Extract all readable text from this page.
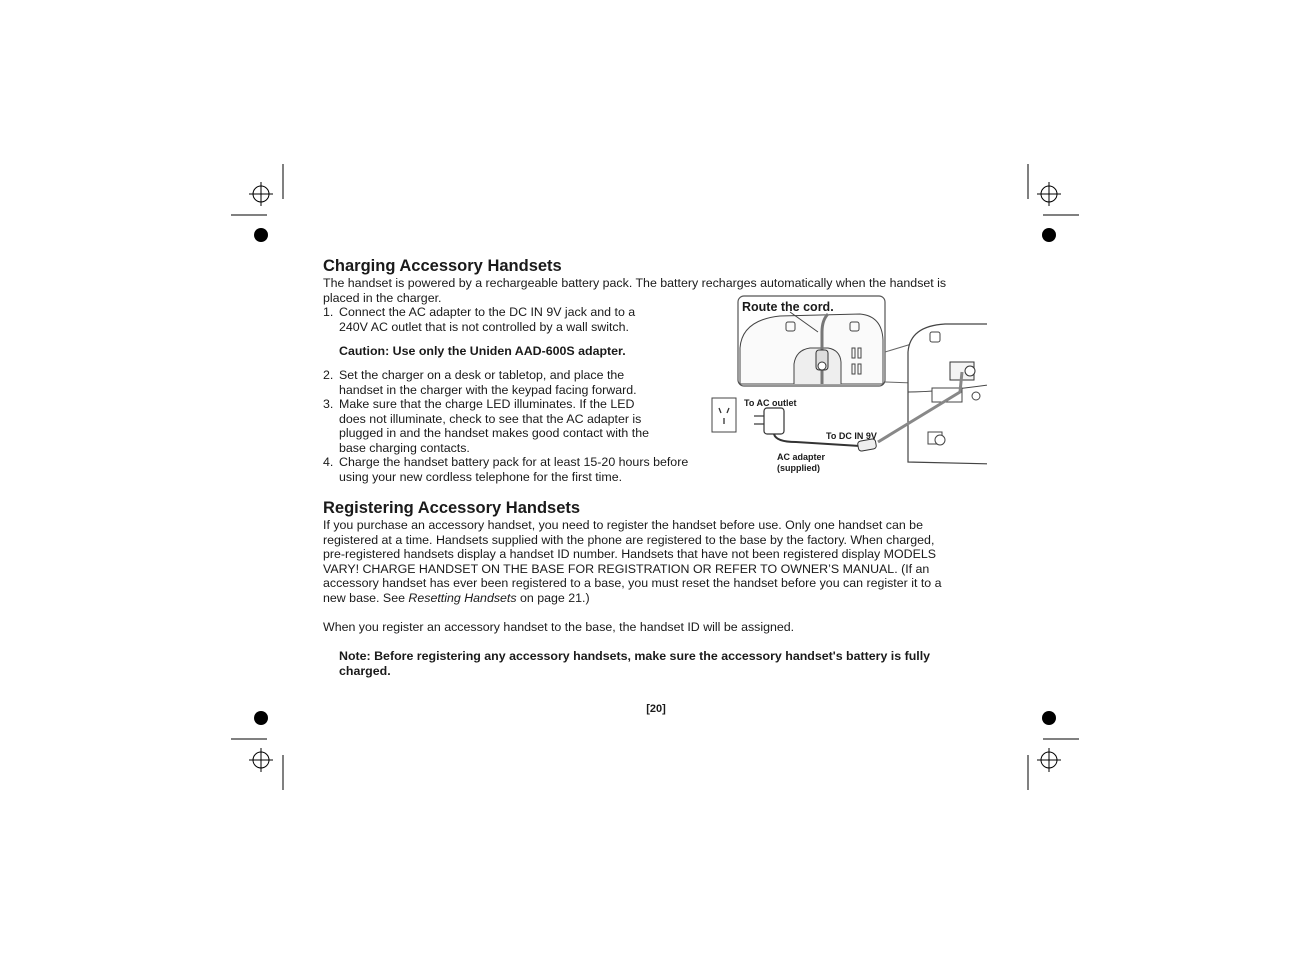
Charging Accessory Handsets

The handset is powered by a rechargeable battery pack. The battery recharges automatically when the handset is

placed in the charger.

1. Connect the AC adapter to the DC IN 9V jack and to a
240V AC outlet that is not controlled by a wall switch.

Caution: Use only the Uniden AAD-600S adapter.

2. Set the charger on a desk or tabletop, and place the
handset in the charger with the keypad facing forward.
3. Make sure that the charge LED illuminates. If the LED
does not illuminate, check to see that the AC adapter is
plugged in and the handset makes good contact with the
base charging contacts.
4. Charge the handset battery pack for at least 15-20 hours before
using your new cordless telephone for the first time.
Route the cord.
To AC outlet
To DC IN 9V
AC adapter
(supplied)
Registering Accessory Handsets
If you purchase an accessory handset, you need to register the handset before use. Only one handset can be
registered at a time. Handsets supplied with the phone are registered to the base by the factory. When charged,
pre-registered handsets display a handset ID number. Handsets that have not been registered display MODELS
VARY! CHARGE HANDSET ON THE BASE FOR REGISTRATION OR REFER TO OWNER’S MANUAL. (If an
accessory handset has ever been registered to a base, you must reset the handset before you can register it to a
new base. See Resetting Handsets on page 21.)

When you register an accessory handset to the base, the handset ID will be assigned.

Note: Before registering any accessory handsets, make sure the accessory handset's battery is fully
charged.
[20]
